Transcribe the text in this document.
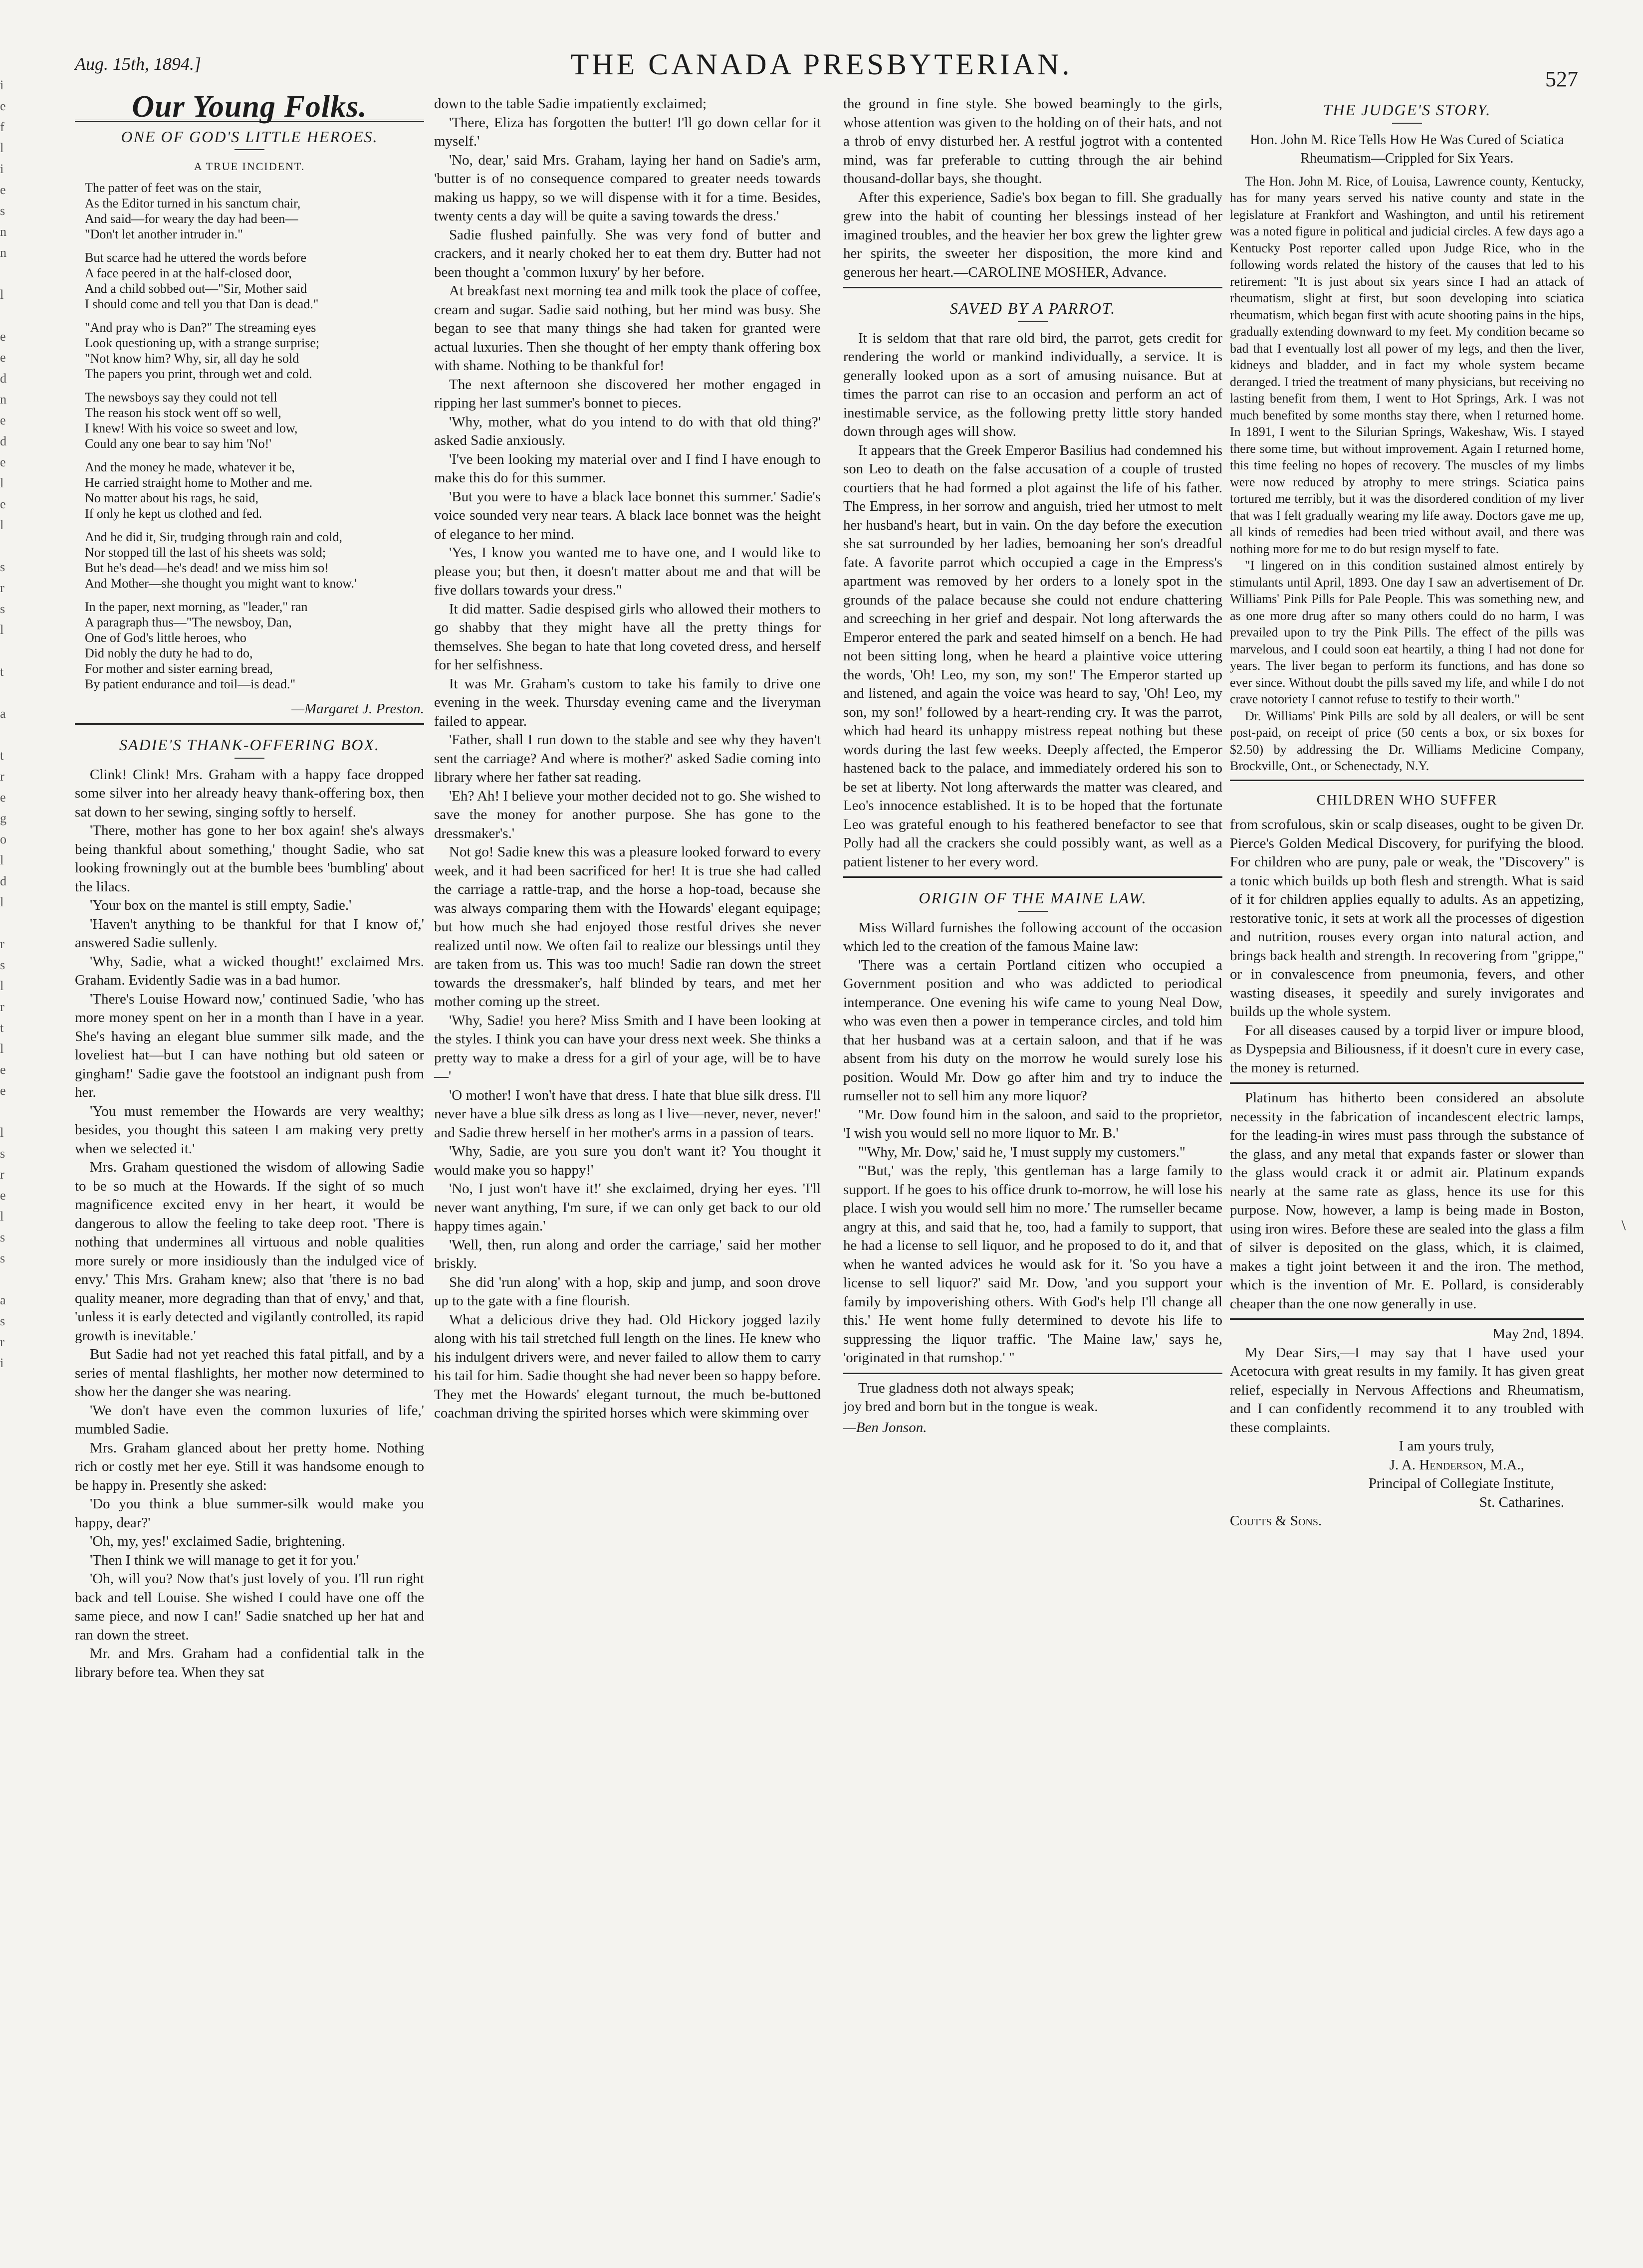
Aug. 15th, 1894.]	THE CANADA PRESBYTERIAN.	527
i
e
f
l
i
e
s
n
n

l

e
e
d
n
e
d
e
l
e
l

s
r
s
l

t

a

t
r
e
g
o
l
d
l

r
s
l
r
t
l
e
e

l
s
r
e
l
s
s

a
s
r
i
Our Young Folks.
ONE OF GOD'S LITTLE HEROES.
A TRUE INCIDENT.
The patter of feet was on the stair,
As the Editor turned in his sanctum chair,
And said—for weary the day had been—
"Don't let another intruder in."
But scarce had he uttered the words before
A face peered in at the half-closed door,
And a child sobbed out—"Sir, Mother said
I should come and tell you that Dan is dead."
"And pray who is Dan?" The streaming eyes
Look questioning up, with a strange surprise;
"Not know him? Why, sir, all day he sold
The papers you print, through wet and cold.
The newsboys say they could not tell
The reason his stock went off so well,
I knew! With his voice so sweet and low,
Could any one bear to say him 'No!'
And the money he made, whatever it be,
He carried straight home to Mother and me.
No matter about his rags, he said,
If only he kept us clothed and fed.
And he did it, Sir, trudging through rain and cold,
Nor stopped till the last of his sheets was sold;
But he's dead—he's dead! and we miss him so!
And Mother—she thought you might want to know.'
In the paper, next morning, as "leader," ran
A paragraph thus—"The newsboy, Dan,
One of God's little heroes, who
Did nobly the duty he had to do,
For mother and sister earning bread,
By patient endurance and toil—is dead."
—Margaret J. Preston.
SADIE'S THANK-OFFERING BOX.

Clink! Clink! Mrs. Graham with a happy face dropped some silver into her already heavy thank-offering box, then sat down to her sewing, singing softly to herself.

'There, mother has gone to her box again! she's always being thankful about something,' thought Sadie, who sat looking frowningly out at the bumble bees 'bumbling' about the lilacs.

'Your box on the mantel is still empty, Sadie.'

'Haven't anything to be thankful for that I know of,' answered Sadie sullenly.

'Why, Sadie, what a wicked thought!' exclaimed Mrs. Graham. Evidently Sadie was in a bad humor.

'There's Louise Howard now,' continued Sadie, 'who has more money spent on her in a month than I have in a year. She's having an elegant blue summer silk made, and the loveliest hat—but I can have nothing but old sateen or gingham!' Sadie gave the footstool an indignant push from her.

'You must remember the Howards are very wealthy; besides, you thought this sateen I am making very pretty when we selected it.'

Mrs. Graham questioned the wisdom of allowing Sadie to be so much at the Howards. If the sight of so much magnificence excited envy in her heart, it would be dangerous to allow the feeling to take deep root. 'There is nothing that undermines all virtuous and noble qualities more surely or more insidiously than the indulged vice of envy.' This Mrs. Graham knew; also that 'there is no bad quality meaner, more degrading than that of envy,' and that, 'unless it is early detected and vigilantly controlled, its rapid growth is inevitable.'

But Sadie had not yet reached this fatal pitfall, and by a series of mental flashlights, her mother now determined to show her the danger she was nearing.

'We don't have even the common luxuries of life,' mumbled Sadie.

Mrs. Graham glanced about her pretty home. Nothing rich or costly met her eye. Still it was handsome enough to be happy in. Presently she asked:

'Do you think a blue summer-silk would make you happy, dear?'

'Oh, my, yes!' exclaimed Sadie, brightening.

'Then I think we will manage to get it for you.'

'Oh, will you? Now that's just lovely of you. I'll run right back and tell Louise. She wished I could have one off the same piece, and now I can!' Sadie snatched up her hat and ran down the street.

Mr. and Mrs. Graham had a confidential talk in the library before tea. When they sat

down to the table Sadie impatiently exclaimed;

'There, Eliza has forgotten the butter! I'll go down cellar for it myself.'

'No, dear,' said Mrs. Graham, laying her hand on Sadie's arm, 'butter is of no consequence compared to greater needs towards making us happy, so we will dispense with it for a time. Besides, twenty cents a day will be quite a saving towards the dress.'

Sadie flushed painfully. She was very fond of butter and crackers, and it nearly choked her to eat them dry. Butter had not been thought a 'common luxury' by her before.

At breakfast next morning tea and milk took the place of coffee, cream and sugar. Sadie said nothing, but her mind was busy. She began to see that many things she had taken for granted were actual luxuries. Then she thought of her empty thank offering box with shame. Nothing to be thankful for!

The next afternoon she discovered her mother engaged in ripping her last summer's bonnet to pieces.

'Why, mother, what do you intend to do with that old thing?' asked Sadie anxiously.

'I've been looking my material over and I find I have enough to make this do for this summer.

'But you were to have a black lace bonnet this summer.' Sadie's voice sounded very near tears. A black lace bonnet was the height of elegance to her mind.

'Yes, I know you wanted me to have one, and I would like to please you; but then, it doesn't matter about me and that will be five dollars towards your dress."

It did matter. Sadie despised girls who allowed their mothers to go shabby that they might have all the pretty things for themselves. She began to hate that long coveted dress, and herself for her selfishness.

It was Mr. Graham's custom to take his family to drive one evening in the week. Thursday evening came and the liveryman failed to appear.

'Father, shall I run down to the stable and see why they haven't sent the carriage? And where is mother?' asked Sadie coming into library where her father sat reading.

'Eh? Ah! I believe your mother decided not to go. She wished to save the money for another purpose. She has gone to the dressmaker's.'

Not go! Sadie knew this was a pleasure looked forward to every week, and it had been sacrificed for her! It is true she had called the carriage a rattle-trap, and the horse a hop-toad, because she was always comparing them with the Howards' elegant equipage; but how much she had enjoyed those restful drives she never realized until now. We often fail to realize our blessings until they are taken from us. This was too much! Sadie ran down the street towards the dressmaker's, half blinded by tears, and met her mother coming up the street.

'Why, Sadie! you here? Miss Smith and I have been looking at the styles. I think you can have your dress next week. She thinks a pretty way to make a dress for a girl of your age, will be to have—'

'O mother! I won't have that dress. I hate that blue silk dress. I'll never have a blue silk dress as long as I live—never, never, never!' and Sadie threw herself in her mother's arms in a passion of tears.

'Why, Sadie, are you sure you don't want it? You thought it would make you so happy!'

'No, I just won't have it!' she exclaimed, drying her eyes. 'I'll never want anything, I'm sure, if we can only get back to our old happy times again.'

'Well, then, run along and order the carriage,' said her mother briskly.

She did 'run along' with a hop, skip and jump, and soon drove up to the gate with a fine flourish.

What a delicious drive they had. Old Hickory jogged lazily along with his tail stretched full length on the lines. He knew who his indulgent drivers were, and never failed to allow them to carry his tail for him. Sadie thought she had never been so happy before. They met the Howards' elegant turnout, the much be-buttoned coachman driving the spirited horses which were skimming over

the ground in fine style. She bowed beamingly to the girls, whose attention was given to the holding on of their hats, and not a throb of envy disturbed her. A restful jogtrot with a contented mind, was far preferable to cutting through the air behind thousand-dollar bays, she thought.

After this experience, Sadie's box began to fill. She gradually grew into the habit of counting her blessings instead of her imagined troubles, and the heavier her box grew the lighter grew her spirits, the sweeter her disposition, the more kind and generous her heart.—CAROLINE MOSHER, Advance.

SAVED BY A PARROT.

It is seldom that that rare old bird, the parrot, gets credit for rendering the world or mankind individually, a service. It is generally looked upon as a sort of amusing nuisance. But at times the parrot can rise to an occasion and perform an act of inestimable service, as the following pretty little story handed down through ages will show.

It appears that the Greek Emperor Basilius had condemned his son Leo to death on the false accusation of a couple of trusted courtiers that he had formed a plot against the life of his father. The Empress, in her sorrow and anguish, tried her utmost to melt her husband's heart, but in vain. On the day before the execution she sat surrounded by her ladies, bemoaning her son's dreadful fate. A favorite parrot which occupied a cage in the Empress's apartment was removed by her orders to a lonely spot in the grounds of the palace because she could not endure chattering and screeching in her grief and despair. Not long afterwards the Emperor entered the park and seated himself on a bench. He had not been sitting long, when he heard a plaintive voice uttering the words, 'Oh! Leo, my son, my son!' The Emperor started up and listened, and again the voice was heard to say, 'Oh! Leo, my son, my son!' followed by a heart-rending cry. It was the parrot, which had heard its unhappy mistress repeat nothing but these words during the last few weeks. Deeply affected, the Emperor hastened back to the palace, and immediately ordered his son to be set at liberty. Not long afterwards the matter was cleared, and Leo's innocence established. It is to be hoped that the fortunate Leo was grateful enough to his feathered benefactor to see that Polly had all the crackers she could possibly want, as well as a patient listener to her every word.

ORIGIN OF THE MAINE LAW.

Miss Willard furnishes the following account of the occasion which led to the creation of the famous Maine law:

'There was a certain Portland citizen who occupied a Government position and who was addicted to periodical intemperance. One evening his wife came to young Neal Dow, who was even then a power in temperance circles, and told him that her husband was at a certain saloon, and that if he was absent from his duty on the morrow he would surely lose his position. Would Mr. Dow go after him and try to induce the rumseller not to sell him any more liquor?

"Mr. Dow found him in the saloon, and said to the proprietor, 'I wish you would sell no more liquor to Mr. B.'

"'Why, Mr. Dow,' said he, 'I must supply my customers."

"'But,' was the reply, 'this gentleman has a large family to support. If he goes to his office drunk to-morrow, he will lose his place. I wish you would sell him no more.' The rumseller became angry at this, and said that he, too, had a family to support, that he had a license to sell liquor, and he proposed to do it, and that when he wanted advices he would ask for it. 'So you have a license to sell liquor?' said Mr. Dow, 'and you support your family by impoverishing others. With God's help I'll change all this.' He went home fully determined to devote his life to suppressing the liquor traffic. 'The Maine law,' says he, 'originated in that rumshop.' "

True gladness doth not always speak;
joy bred and born but in the tongue is weak.
—Ben Jonson.
THE JUDGE'S STORY.
Hon. John M. Rice Tells How He Was Cured of Sciatica Rheumatism—Crippled for Six Years.

The Hon. John M. Rice, of Louisa, Lawrence county, Kentucky, has for many years served his native county and state in the legislature at Frankfort and Washington, and until his retirement was a noted figure in political and judicial circles. A few days ago a Kentucky Post reporter called upon Judge Rice, who in the following words related the history of the causes that led to his retirement: "It is just about six years since I had an attack of rheumatism, slight at first, but soon developing into sciatica rheumatism, which began first with acute shooting pains in the hips, gradually extending downward to my feet. My condition became so bad that I eventually lost all power of my legs, and then the liver, kidneys and bladder, and in fact my whole system became deranged. I tried the treatment of many physicians, but receiving no lasting benefit from them, I went to Hot Springs, Ark. I was not much benefited by some months stay there, when I returned home. In 1891, I went to the Silurian Springs, Wakeshaw, Wis. I stayed there some time, but without improvement. Again I returned home, this time feeling no hopes of recovery. The muscles of my limbs were now reduced by atrophy to mere strings. Sciatica pains tortured me terribly, but it was the disordered condition of my liver that was I felt gradually wearing my life away. Doctors gave me up, all kinds of remedies had been tried without avail, and there was nothing more for me to do but resign myself to fate.

"I lingered on in this condition sustained almost entirely by stimulants until April, 1893. One day I saw an advertisement of Dr. Williams' Pink Pills for Pale People. This was something new, and as one more drug after so many others could do no harm, I was prevailed upon to try the Pink Pills. The effect of the pills was marvelous, and I could soon eat heartily, a thing I had not done for years. The liver began to perform its functions, and has done so ever since. Without doubt the pills saved my life, and while I do not crave notoriety I cannot refuse to testify to their worth."

Dr. Williams' Pink Pills are sold by all dealers, or will be sent post-paid, on receipt of price (50 cents a box, or six boxes for $2.50) by addressing the Dr. Williams Medicine Company, Brockville, Ont., or Schenectady, N.Y.

CHILDREN WHO SUFFER

from scrofulous, skin or scalp diseases, ought to be given Dr. Pierce's Golden Medical Discovery, for purifying the blood. For children who are puny, pale or weak, the "Discovery" is a tonic which builds up both flesh and strength. What is said of it for children applies equally to adults. As an appetizing, restorative tonic, it sets at work all the processes of digestion and nutrition, rouses every organ into natural action, and brings back health and strength. In recovering from "grippe," or in convalescence from pneumonia, fevers, and other wasting diseases, it speedily and surely invigorates and builds up the whole system.

For all diseases caused by a torpid liver or impure blood, as Dyspepsia and Biliousness, if it doesn't cure in every case, the money is returned.

Platinum has hitherto been considered an absolute necessity in the fabrication of incandescent electric lamps, for the leading-in wires must pass through the substance of the glass, and any metal that expands faster or slower than the glass would crack it or admit air. Platinum expands nearly at the same rate as glass, hence its use for this purpose. Now, however, a lamp is being made in Boston, using iron wires. Before these are sealed into the glass a film of silver is deposited on the glass, which, it is claimed, makes a tight joint between it and the iron. The method, which is the invention of Mr. E. Pollard, is considerably cheaper than the one now generally in use.

May 2nd, 1894.

My Dear Sirs,—I may say that I have used your Acetocura with great results in my family. It has given great relief, especially in Nervous Affections and Rheumatism, and I can confidently recommend it to any troubled with these complaints.

I am yours truly,
J. A. Henderson, M.A.,
Principal of Collegiate Institute,
St. Catharines.
Coutts & Sons.
\
